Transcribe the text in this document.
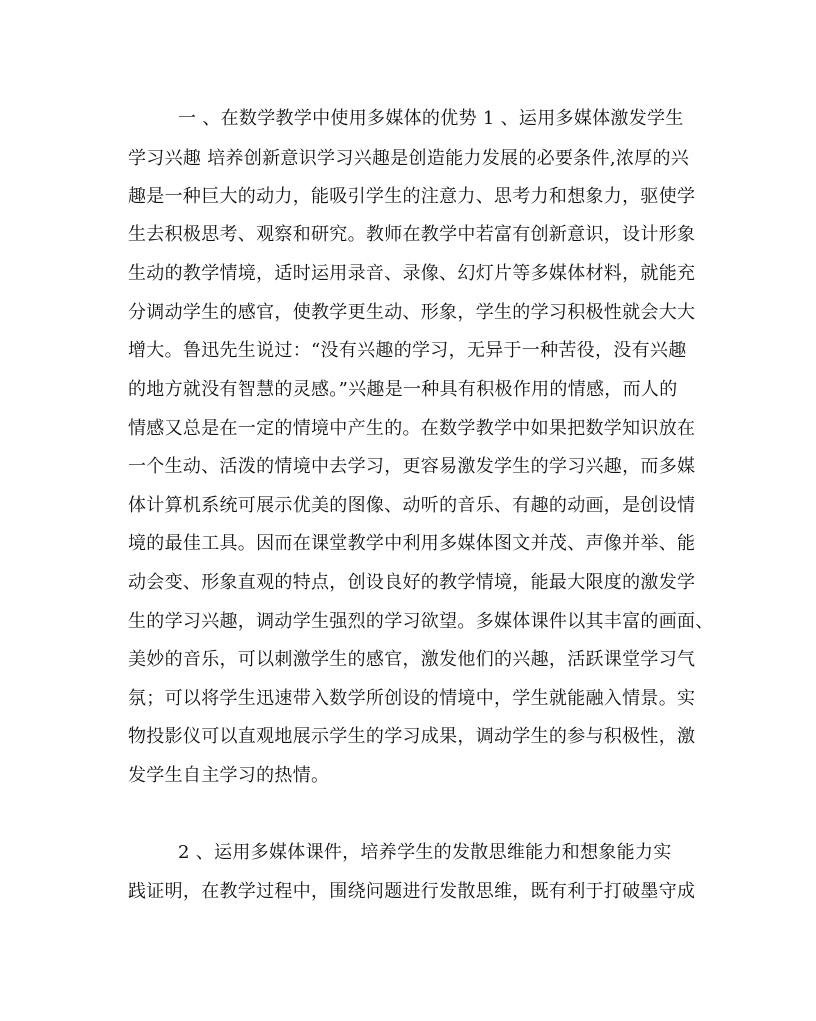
一 、在数学教学中使用多媒体的优势 1 、运用多媒体激发学生
学习兴趣 培养创新意识学习兴趣是创造能力发展的必要条件,浓厚的兴
趣是一种巨大的动力，能吸引学生的注意力、思考力和想象力，驱使学
生去积极思考、观察和研究。教师在教学中若富有创新意识，设计形象
生动的教学情境，适时运用录音、录像、幻灯片等多媒体材料，就能充
分调动学生的感官，使教学更生动、形象，学生的学习积极性就会大大
增大。鲁迅先生说过：“没有兴趣的学习，无异于一种苦役，没有兴趣
的地方就没有智慧的灵感。”兴趣是一种具有积极作用的情感，而人的
情感又总是在一定的情境中产生的。在数学教学中如果把数学知识放在
一个生动、活泼的情境中去学习，更容易激发学生的学习兴趣，而多媒
体计算机系统可展示优美的图像、动听的音乐、有趣的动画，是创设情
境的最佳工具。因而在课堂教学中利用多媒体图文并茂、声像并举、能
动会变、形象直观的特点，创设良好的教学情境，能最大限度的激发学
生的学习兴趣，调动学生强烈的学习欲望。多媒体课件以其丰富的画面、
美妙的音乐，可以刺激学生的感官，激发他们的兴趣，活跃课堂学习气
氛；可以将学生迅速带入数学所创设的情境中，学生就能融入情景。实
物投影仪可以直观地展示学生的学习成果，调动学生的参与积极性，激
发学生自主学习的热情。
2 、运用多媒体课件，培养学生的发散思维能力和想象能力实
践证明，在教学过程中，围绕问题进行发散思维，既有利于打破墨守成
